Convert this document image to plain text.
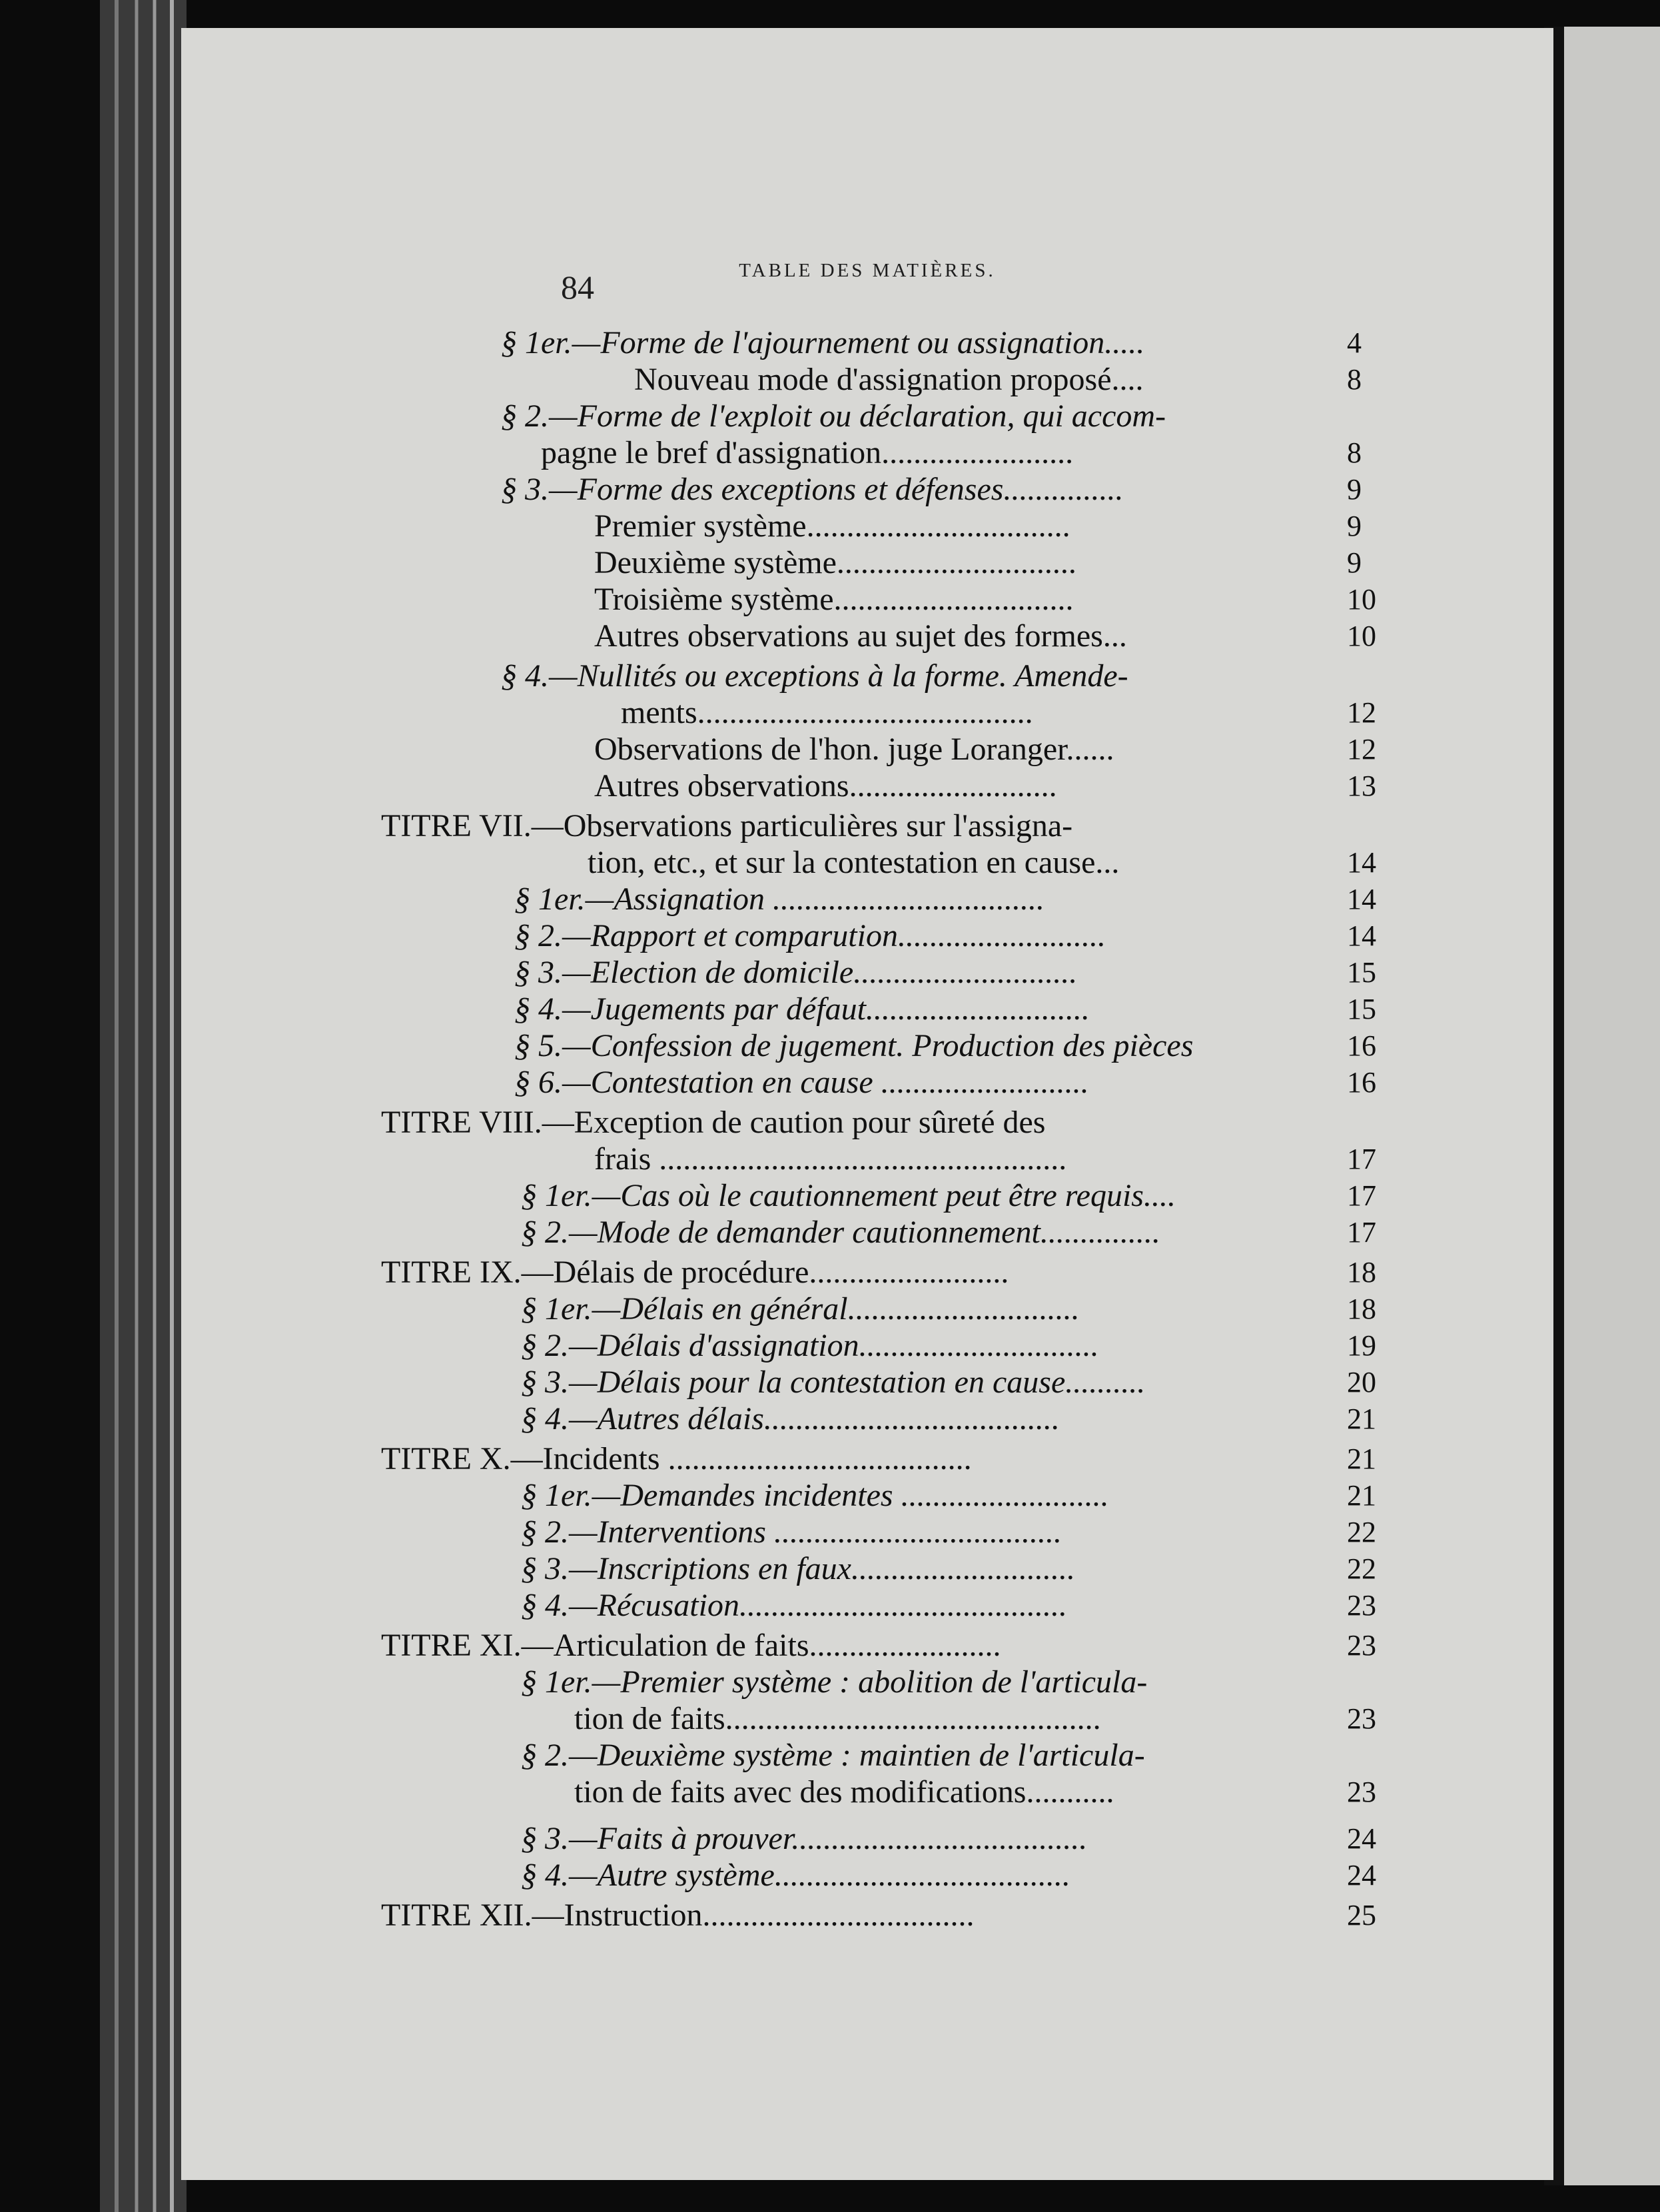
84	TABLE DES MATIÈRES.
§ 1er.—Forme de l'ajournement ou assignation.....	4
Nouveau mode d'assignation proposé....	8
§ 2.—Forme de l'exploit ou déclaration, qui accom-
pagne le bref d'assignation........................	8
§ 3.—Forme des exceptions et défenses...............	9
Premier système.................................	9
Deuxième système..............................	9
Troisième système..............................	10
Autres observations au sujet des formes...	10
§ 4.—Nullités ou exceptions à la forme. Amende-
ments..........................................	12
Observations de l'hon. juge Loranger......	12
Autres observations..........................	13
TITRE VII.—Observations particulières sur l'assigna-
tion, etc., et sur la contestation en cause...	14
§ 1er.—Assignation ..................................	14
§ 2.—Rapport et comparution..........................	14
§ 3.—Election de domicile............................	15
§ 4.—Jugements par défaut............................	15
§ 5.—Confession de jugement. Production des pièces	16
§ 6.—Contestation en cause ..........................	16
TITRE VIII.—Exception de caution pour sûreté des
frais ...................................................	17
§ 1er.—Cas où le cautionnement peut être requis....	17
§ 2.—Mode de demander cautionnement...............	17
TITRE IX.—Délais de procédure.........................	18
§ 1er.—Délais en général.............................	18
§ 2.—Délais d'assignation..............................	19
§ 3.—Délais pour la contestation en cause..........	20
§ 4.—Autres délais.....................................	21
TITRE X.—Incidents ......................................	21
§ 1er.—Demandes incidentes ..........................	21
§ 2.—Interventions ....................................	22
§ 3.—Inscriptions en faux............................	22
§ 4.—Récusation.........................................	23
TITRE XI.—Articulation de faits........................	23
§ 1er.—Premier système : abolition de l'articula-
tion de faits...............................................	23
§ 2.—Deuxième système : maintien de l'articula-
tion de faits avec des modifications...........	23
§ 3.—Faits à prouver.....................................	24
§ 4.—Autre système.....................................	24
TITRE XII.—Instruction..................................	25
